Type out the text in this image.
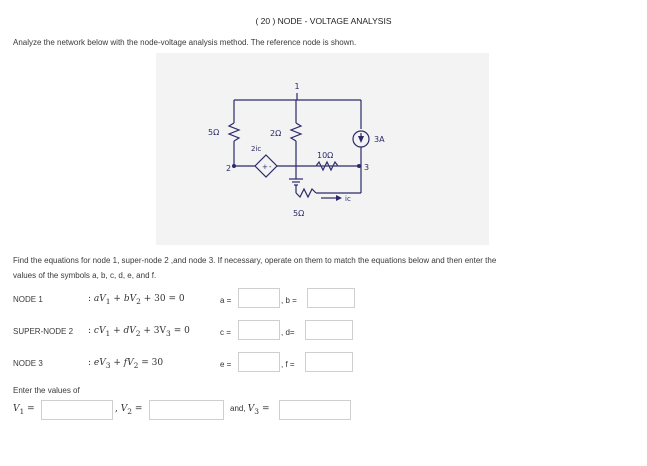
( 20 ) NODE - VOLTAGE ANALYSIS
Analyze the network below with the node-voltage analysis method. The reference node is shown.
1
5Ω	2Ω
2ic
+ -
2
10Ω
3
3A
ic
5Ω
Find the equations for node 1, super-node 2 ,and node 3. If necessary, operate on them to match the equations below and then enter the
values of the symbols a, b, c, d, e, and f.
NODE 1	: $aV_1 + bV_2 + 30 = 0$	a =	, b =
SUPER-NODE 2 : $cV_1 + dV_2 + 3V_3 = 0$	c =	, d=
NODE 3	: $eV_3 + fV_2 = 30$	e =	, f =
Enter the values of
$V_1$ =	, $V_2$ =	and, $V_3$ =
